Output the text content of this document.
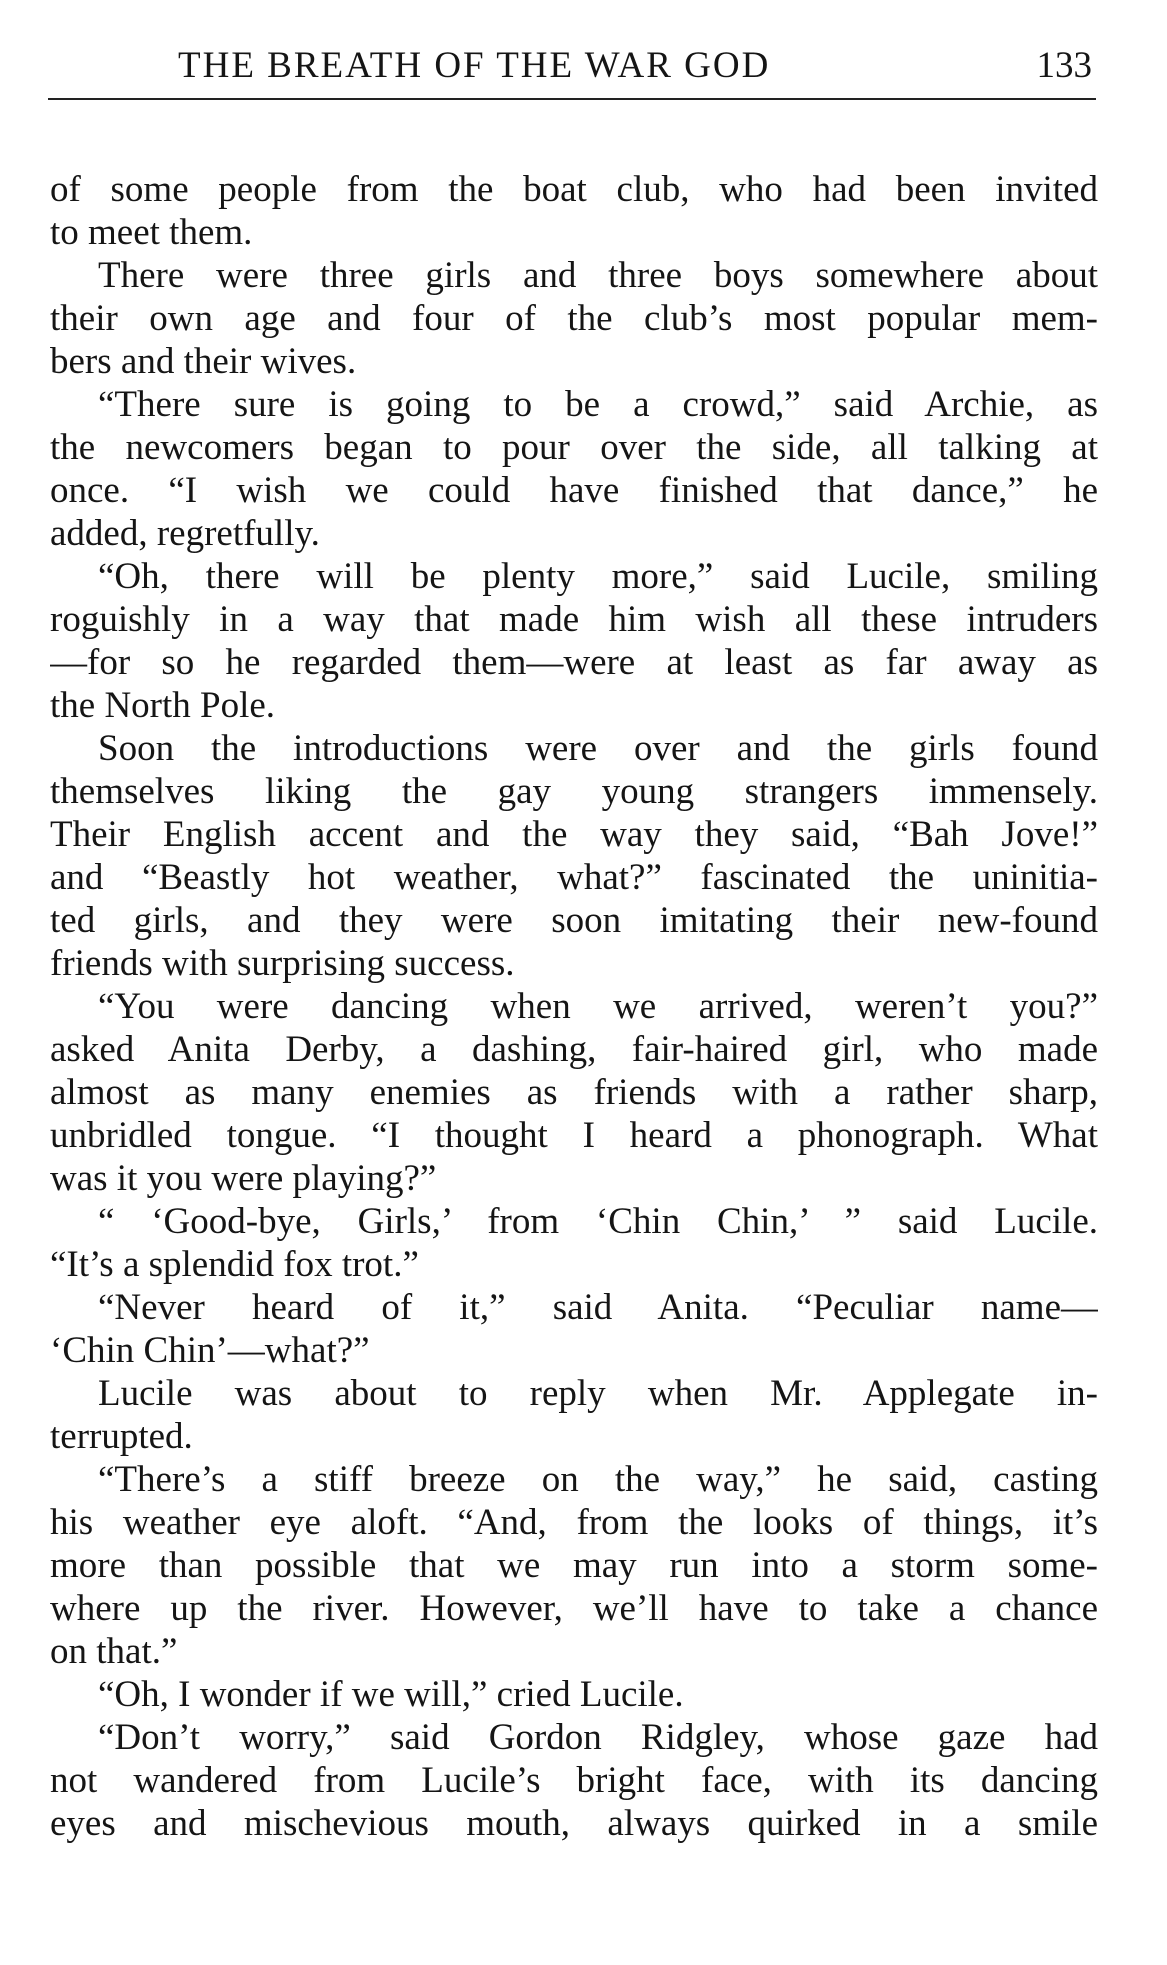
THE BREATH OF THE WAR GOD	133
of some people from the boat club, who had been invited
to meet them.
There were three girls and three boys somewhere about
their own age and four of the club’s most popular mem-
bers and their wives.
“There sure is going to be a crowd,” said Archie, as
the newcomers began to pour over the side, all talking at
once. “I wish we could have finished that dance,” he
added, regretfully.
“Oh, there will be plenty more,” said Lucile, smiling
roguishly in a way that made him wish all these intruders
—for so he regarded them—were at least as far away as
the North Pole.
Soon the introductions were over and the girls found
themselves liking the gay young strangers immensely.
Their English accent and the way they said, “Bah Jove!”
and “Beastly hot weather, what?” fascinated the uninitia-
ted girls, and they were soon imitating their new-found
friends with surprising success.
“You were dancing when we arrived, weren’t you?”
asked Anita Derby, a dashing, fair-haired girl, who made
almost as many enemies as friends with a rather sharp,
unbridled tongue. “I thought I heard a phonograph. What
was it you were playing?”
“ ‘Good-bye, Girls,’ from ‘Chin Chin,’ ” said Lucile.
“It’s a splendid fox trot.”
“Never heard of it,” said Anita. “Peculiar name—
‘Chin Chin’—what?”
Lucile was about to reply when Mr. Applegate in-
terrupted.
“There’s a stiff breeze on the way,” he said, casting
his weather eye aloft. “And, from the looks of things, it’s
more than possible that we may run into a storm some-
where up the river. However, we’ll have to take a chance
on that.”
“Oh, I wonder if we will,” cried Lucile.
“Don’t worry,” said Gordon Ridgley, whose gaze had
not wandered from Lucile’s bright face, with its dancing
eyes and mischevious mouth, always quirked in a smile
